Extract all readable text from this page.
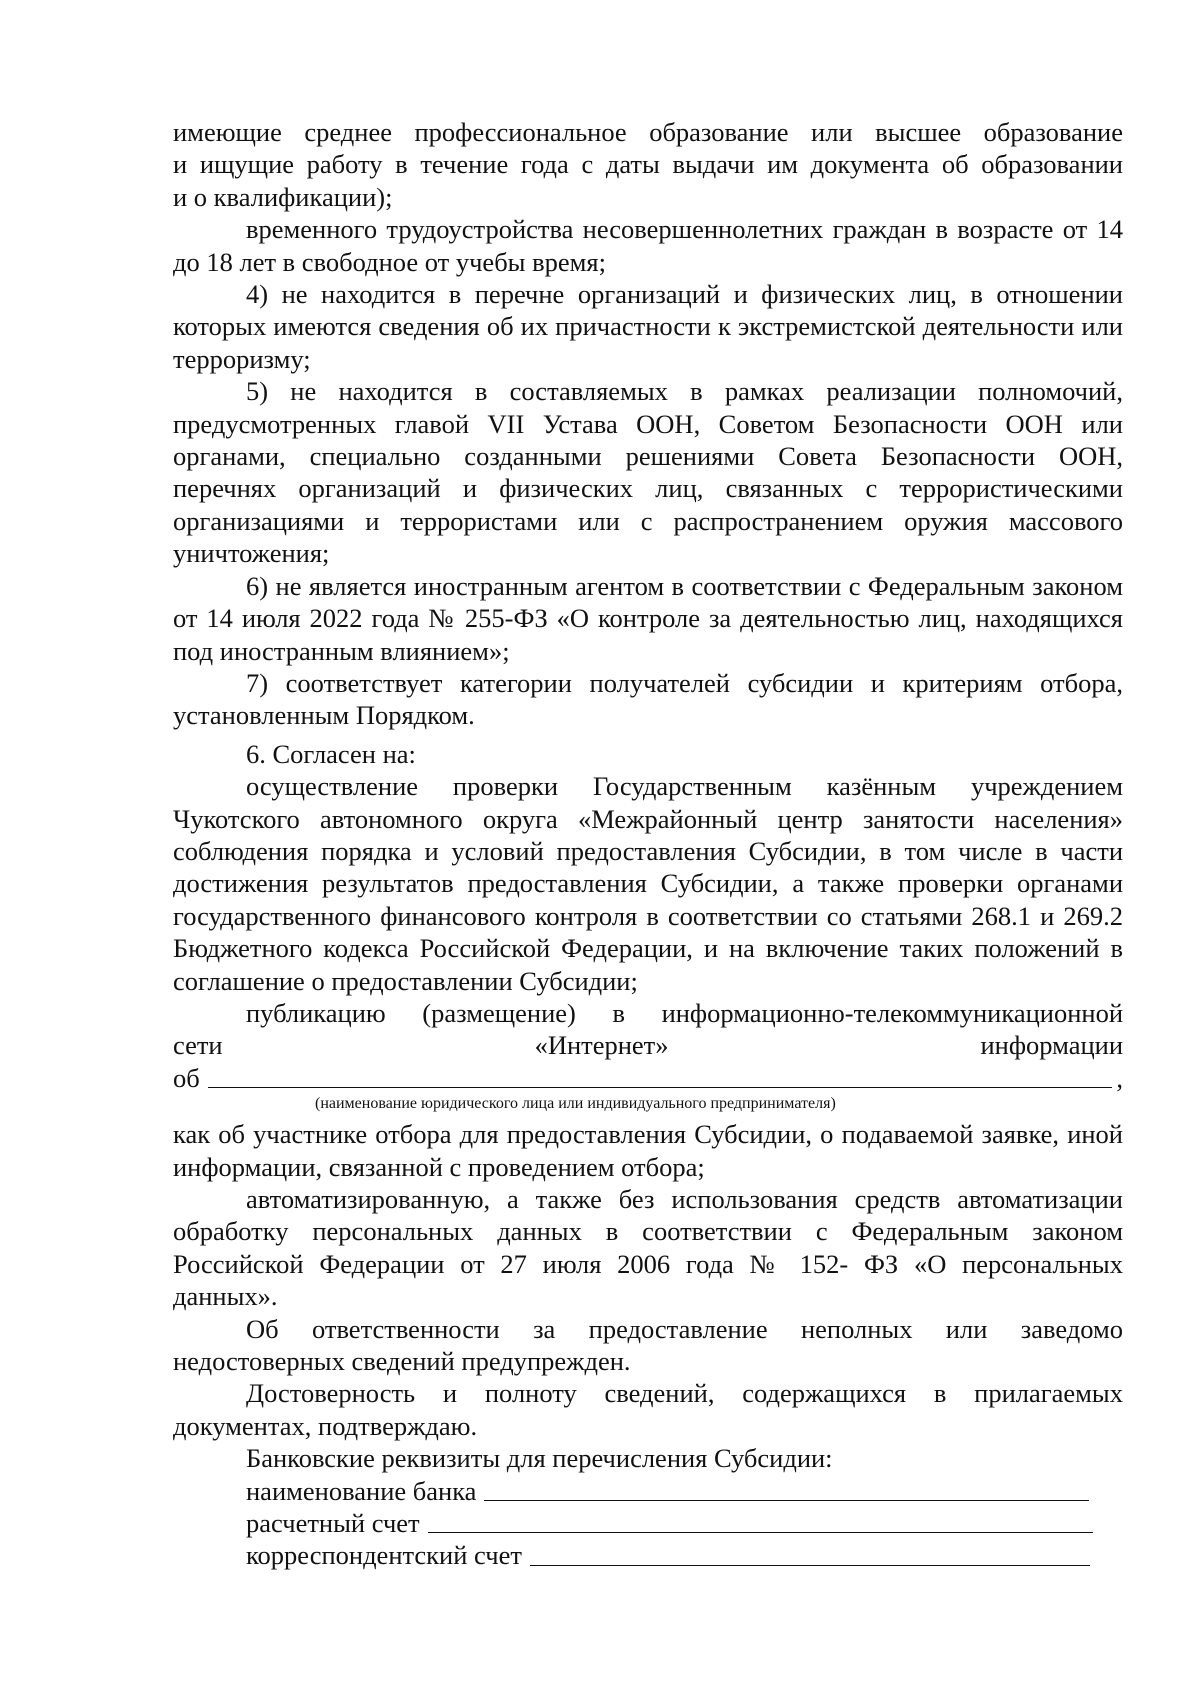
имеющие среднее профессиональное образование или высшее образование

и ищущие работу в течение года с даты выдачи им документа об образовании

и о квалификации);

временного трудоустройства несовершеннолетних граждан в возрасте от 14 до 18 лет в свободное от учебы время;

4) не находится в перечне организаций и физических лиц, в отношении которых имеются сведения об их причастности к экстремистской деятельности или терроризму;

5) не находится в составляемых в рамках реализации полномочий, предусмотренных главой VII Устава ООН, Советом Безопасности ООН или органами, специально созданными решениями Совета Безопасности ООН, перечнях организаций и физических лиц, связанных с террористическими организациями и террористами или с распространением оружия массового уничтожения;

6) не является иностранным агентом в соответствии с Федеральным законом от 14 июля 2022 года № 255-ФЗ «О контроле за деятельностью лиц, находящихся под иностранным влиянием»;

7) соответствует категории получателей субсидии и критериям отбора, установленным Порядком.

6. Согласен на:

осуществление проверки Государственным казённым учреждением Чукотского автономного округа «Межрайонный центр занятости населения» соблюдения порядка и условий предоставления Субсидии, в том числе в части достижения результатов предоставления Субсидии, а также проверки органами государственного финансового контроля в соответствии со статьями 268.1 и 269.2 Бюджетного кодекса Российской Федерации, и на включение таких положений в соглашение о предоставлении Субсидии;

публикацию (размещение) в информационно-телекоммуникационной

сети	«Интернет»	информации
об	,
(наименование юридического лица или индивидуального предпринимателя)

как об участнике отбора для предоставления Субсидии, о подаваемой заявке, иной информации, связанной с проведением отбора;

автоматизированную, а также без использования средств автоматизации обработку персональных данных в соответствии с Федеральным законом Российской Федерации от 27 июля 2006 года № 152- ФЗ «О персональных данных».

Об ответственности за предоставление неполных или заведомо недостоверных сведений предупрежден.

Достоверность и полноту сведений, содержащихся в прилагаемых документах, подтверждаю.

Банковские реквизиты для перечисления Субсидии:

наименование банка
расчетный счет
корреспондентский счет
